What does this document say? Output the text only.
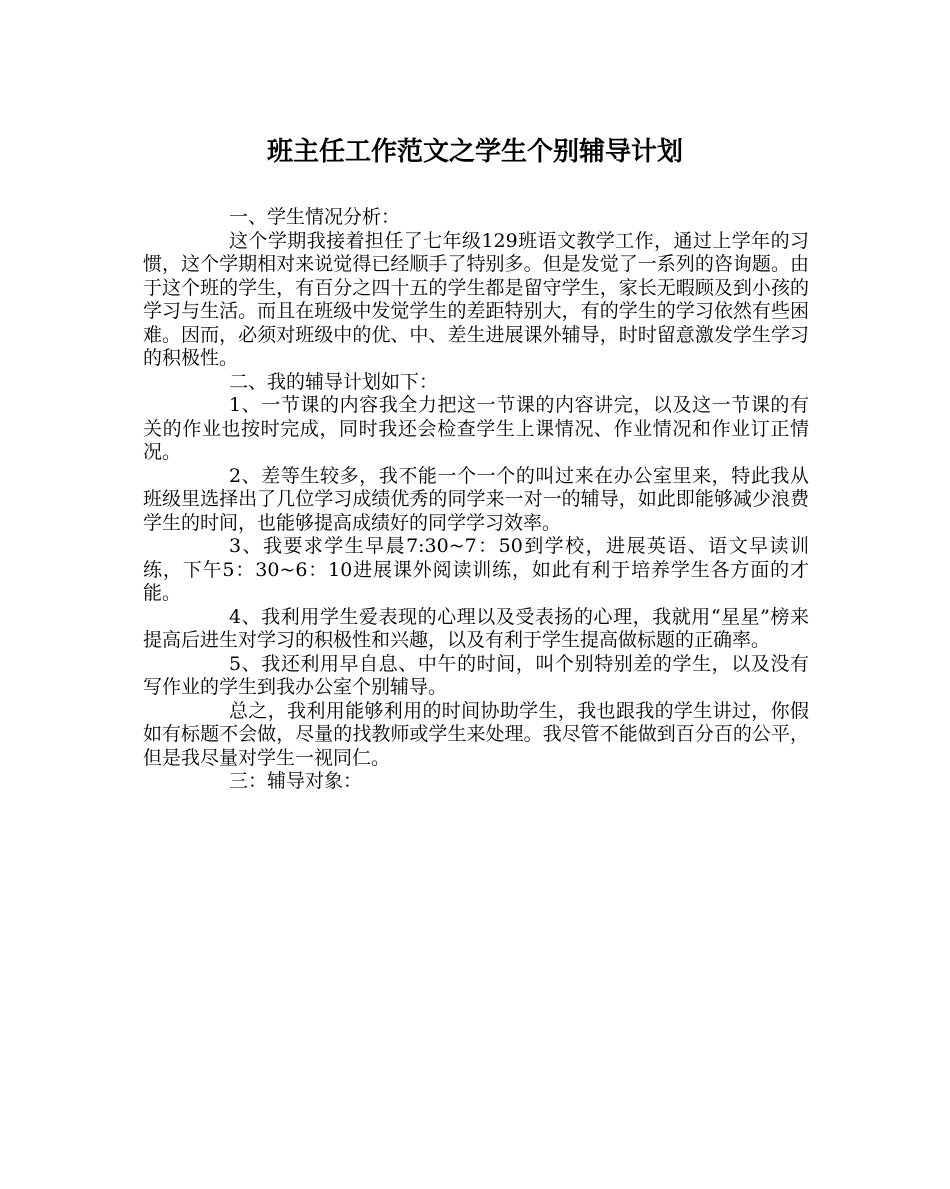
班主任工作范文之学生个别辅导计划

一、学生情况分析：

这个学期我接着担任了七年级129班语文教学工作，通过上学年的习惯，这个学期相对来说觉得已经顺手了特别多。但是发觉了一系列的咨询题。由于这个班的学生，有百分之四十五的学生都是留守学生，家长无暇顾及到小孩的学习与生活。而且在班级中发觉学生的差距特别大，有的学生的学习依然有些困难。因而，必须对班级中的优、中、差生进展课外辅导，时时留意激发学生学习的积极性。

二、我的辅导计划如下：

1、一节课的内容我全力把这一节课的内容讲完，以及这一节课的有关的作业也按时完成，同时我还会检查学生上课情况、作业情况和作业订正情况。

2、差等生较多，我不能一个一个的叫过来在办公室里来，特此我从班级里选择出了几位学习成绩优秀的同学来一对一的辅导，如此即能够减少浪费学生的时间，也能够提高成绩好的同学学习效率。

3、我要求学生早晨7:30~7：50到学校，进展英语、语文早读训练，下午5：30~6：10进展课外阅读训练，如此有利于培养学生各方面的才能。

4、我利用学生爱表现的心理以及受表扬的心理，我就用“星星”榜来提高后进生对学习的积极性和兴趣，以及有利于学生提高做标题的正确率。

5、我还利用早自息、中午的时间，叫个别特别差的学生，以及没有写作业的学生到我办公室个别辅导。

总之，我利用能够利用的时间协助学生，我也跟我的学生讲过，你假如有标题不会做，尽量的找教师或学生来处理。我尽管不能做到百分百的公平，但是我尽量对学生一视同仁。

三：辅导对象：
